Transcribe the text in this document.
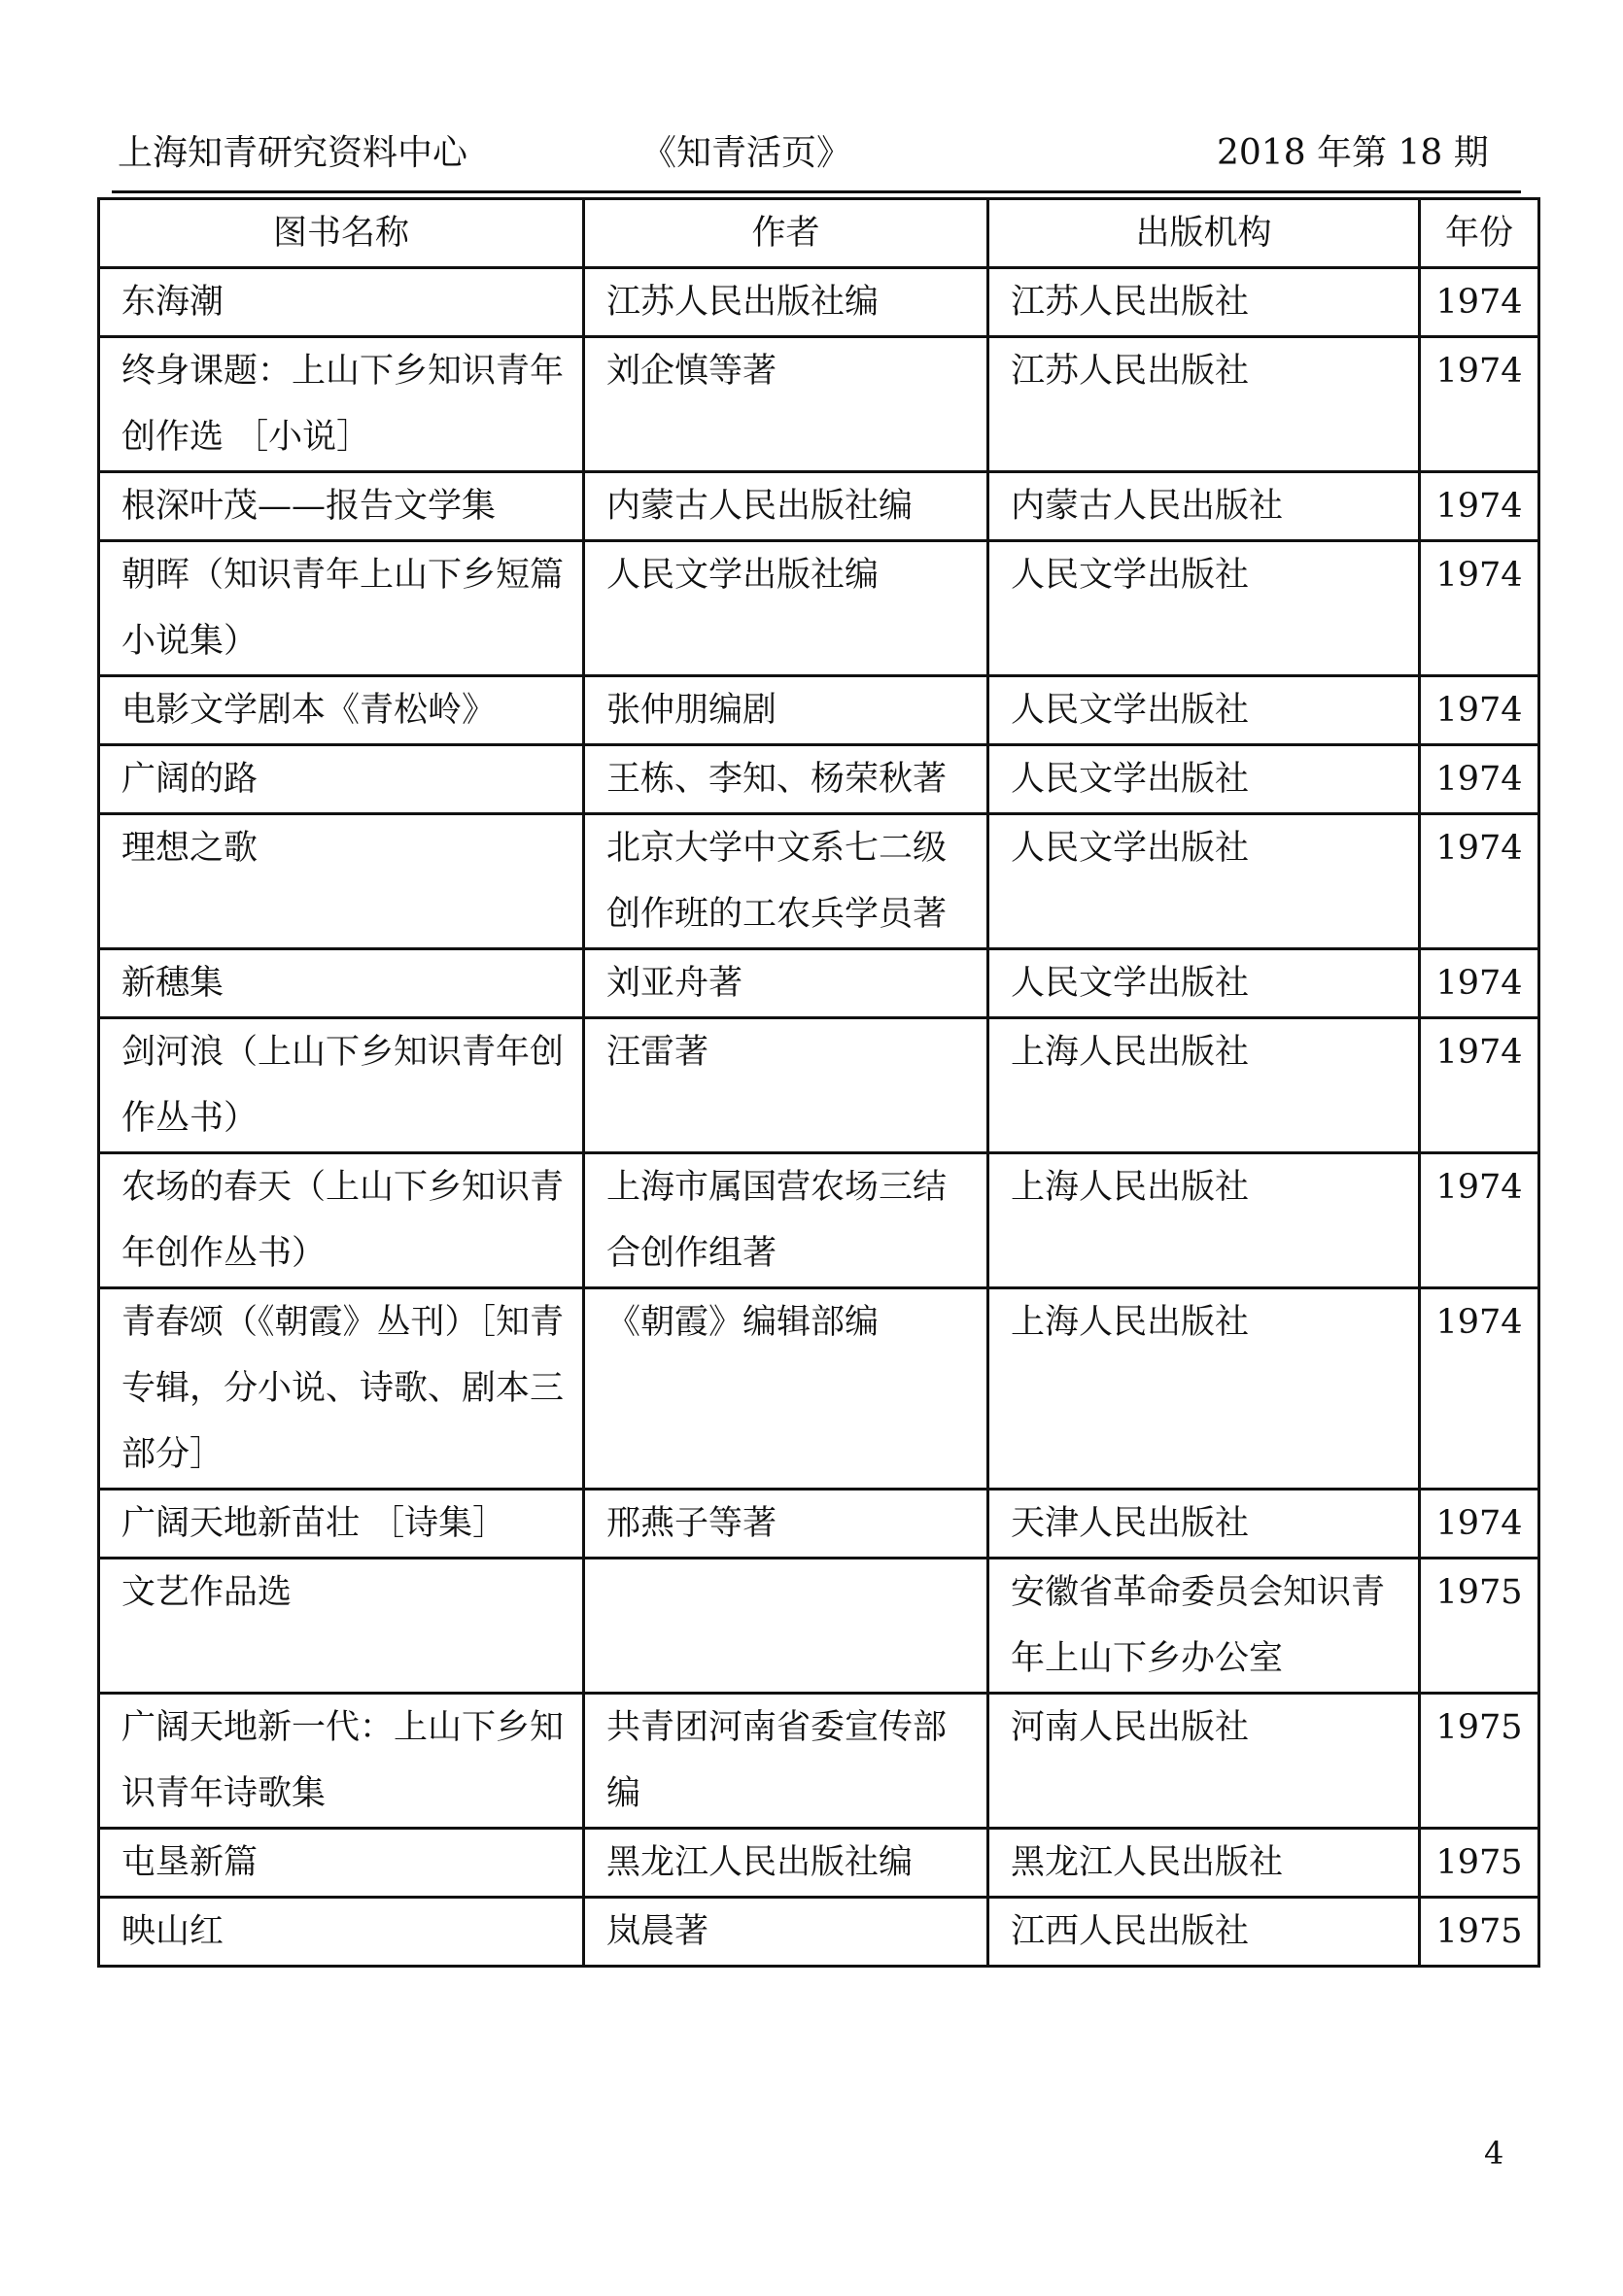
上海知青研究资料中心	《知青活页》	2018 年第 18 期
图书名称	作者	出版机构	年份
东海潮	江苏人民出版社编	江苏人民出版社	1974
终身课题：上山下乡知识青年创作选 ［小说］	刘企慎等著	江苏人民出版社	1974
根深叶茂——报告文学集	内蒙古人民出版社编	内蒙古人民出版社	1974
朝晖（知识青年上山下乡短篇小说集）	人民文学出版社编	人民文学出版社	1974
电影文学剧本《青松岭》	张仲朋编剧	人民文学出版社	1974
广阔的路	王栋、李知、杨荣秋著	人民文学出版社	1974
理想之歌	北京大学中文系七二级创作班的工农兵学员著	人民文学出版社	1974
新穗集	刘亚舟著	人民文学出版社	1974
剑河浪（上山下乡知识青年创作丛书）	汪雷著	上海人民出版社	1974
农场的春天（上山下乡知识青年创作丛书）	上海市属国营农场三结合创作组著	上海人民出版社	1974
青春颂（《朝霞》丛刊）［知青专辑，分小说、诗歌、剧本三部分］	《朝霞》编辑部编	上海人民出版社	1974
广阔天地新苗壮 ［诗集］	邢燕子等著	天津人民出版社	1974
文艺作品选		安徽省革命委员会知识青年上山下乡办公室	1975
广阔天地新一代：上山下乡知识青年诗歌集	共青团河南省委宣传部编	河南人民出版社	1975
屯垦新篇	黑龙江人民出版社编	黑龙江人民出版社	1975
映山红	岚晨著	江西人民出版社	1975
4
